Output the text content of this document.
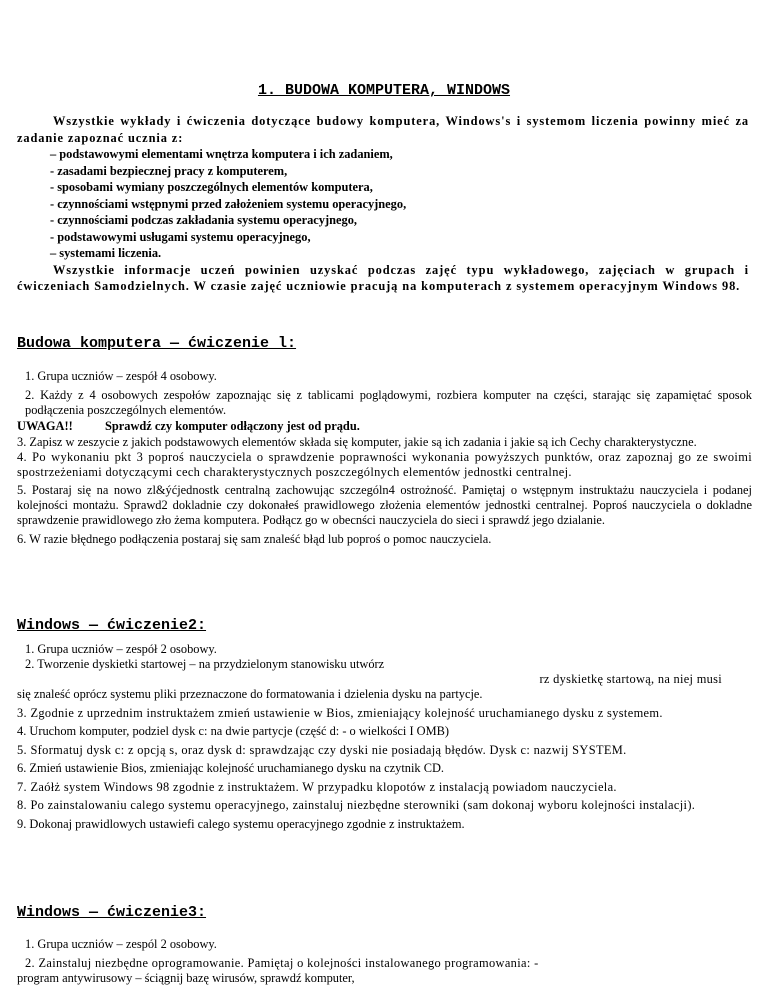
1. BUDOWA KOMPUTERA, WINDOWS

Wszystkie wykłady i ćwiczenia dotyczące budowy komputera, Windows's i systemom liczenia powinny mieć za zadanie zapoznać ucznia z:

– podstawowymi elementami wnętrza komputera i ich zadaniem,
- zasadami bezpiecznej pracy z komputerem,
- sposobami wymiany poszczególnych elementów komputera,
- czynnościami wstępnymi przed założeniem systemu operacyjnego,
- czynnościami podczas zakładania systemu operacyjnego,
- podstawowymi usługami systemu operacyjnego,
– systemami liczenia.

Wszystkie informacje uczeń powinien uzyskać podczas zajęć typu wykładowego, zajęciach w grupach i ćwiczeniach Samodzielnych. W czasie zajęć uczniowie pracują na komputerach z systemem operacyjnym Windows 98.

Budowa komputera — ćwiczenie l:
1. Grupa uczniów – zespół 4 osobowy.
2. Każdy z 4 osobowych zespołów zapoznając się z tablicami poglądowymi, rozbiera komputer na części, starając się zapamiętać sposok podłączenia poszczególnych elementów.
UWAGA!!	Sprawdź czy komputer odłączony jest od prądu.
3. Zapisz w zeszycie z jakich podstawowych elementów składa się komputer, jakie są ich zadania i jakie są ich Cechy charakterystyczne.
4. Po wykonaniu pkt 3 poproś nauczyciela o sprawdzenie poprawności wykonania powyższych punktów, oraz zapoznaj go ze swoimi spostrzeżeniami dotyczącymi cech charakterystycznych poszczególnych elementów jednostki centralnej.
5. Postaraj się na nowo zl&ýćjednostk centralną zachowując szczególn4 ostrożność. Pamiętaj o wstępnym instruktażu nauczyciela i podanej kolejności montażu. Sprawd2 dokladnie czy dokonałeś prawidlowego złożenia elementów jednostki centralnej. Poproś nauczyciela o dokladne sprawdzenie prawidlowego zło żema komputera. Podłącz go w obecnści nauczyciela do sieci i sprawdź jego dzialanie.
6. W razie błędnego podłączenia postaraj się sam znaleść błąd lub poproś o pomoc nauczyciela.
Windows — ćwiczenie2:
1. Grupa uczniów – zespół 2 osobowy.
2. Tworzenie dyskietki startowej – na przydzielonym stanowisku utwórz
rz dyskietkę startową, na niej musi
się znaleść oprócz systemu pliki przeznaczone do formatowania i dzielenia dysku na partycje.
3. Zgodnie z uprzednim instruktażem zmień ustawienie w Bios, zmieniający kolejność uruchamianego dysku z systemem.
4. Uruchom komputer, podziel dysk c: na dwie partycje (część d: - o wielkości I OMB)
5. Sformatuj dysk c: z opcją s, oraz dysk d: sprawdzając czy dyski nie posiadają błędów. Dysk c: nazwij SYSTEM.
6. Zmień ustawienie Bios, zmieniając kolejność uruchamianego dysku na czytnik CD.
7. Zaółż system Windows 98 zgodnie z instruktażem. W przypadku klopotów z instalacją powiadom nauczyciela.
8. Po zainstalowaniu calego systemu operacyjnego, zainstaluj niezbędne sterowniki (sam dokonaj wyboru kolejności instalacji).
9. Dokonaj prawidlowych ustawiefi calego systemu operacyjnego zgodnie z instruktażem.
Windows — ćwiczenie3:
1. Grupa uczniów – zespól 2 osobowy.
2. Zainstaluj niezbędne oprogramowanie. Pamiętaj o kolejności instalowanego programowania: -
program antywirusowy – ściągnij bazę wirusów, sprawdź komputer,
